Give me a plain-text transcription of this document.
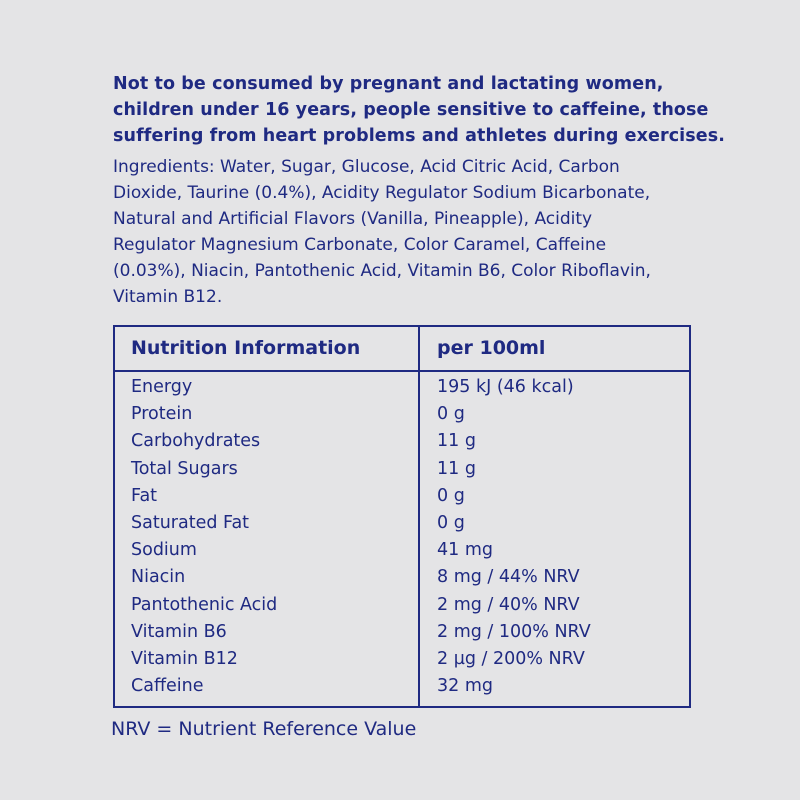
Not to be consumed by pregnant and lactating women,
children under 16 years, people sensitive to caffeine, those
suffering from heart problems and athletes during exercises.
Ingredients: Water, Sugar, Glucose, Acid Citric Acid, Carbon
Dioxide, Taurine (0.4%), Acidity Regulator Sodium Bicarbonate,
Natural and Artificial Flavors (Vanilla, Pineapple), Acidity
Regulator Magnesium Carbonate, Color Caramel, Caffeine
(0.03%), Niacin, Pantothenic Acid, Vitamin B6, Color Riboflavin,
Vitamin B12.
Nutrition Information	per 100ml
Energy	195 kJ (46 kcal)
Protein	0 g
Carbohydrates	11 g
Total Sugars	11 g
Fat	0 g
Saturated Fat	0 g
Sodium	41 mg
Niacin	8 mg / 44% NRV
Pantothenic Acid	2 mg / 40% NRV
Vitamin B6	2 mg / 100% NRV
Vitamin B12	2 µg / 200% NRV
Caffeine	32 mg
NRV = Nutrient Reference Value
